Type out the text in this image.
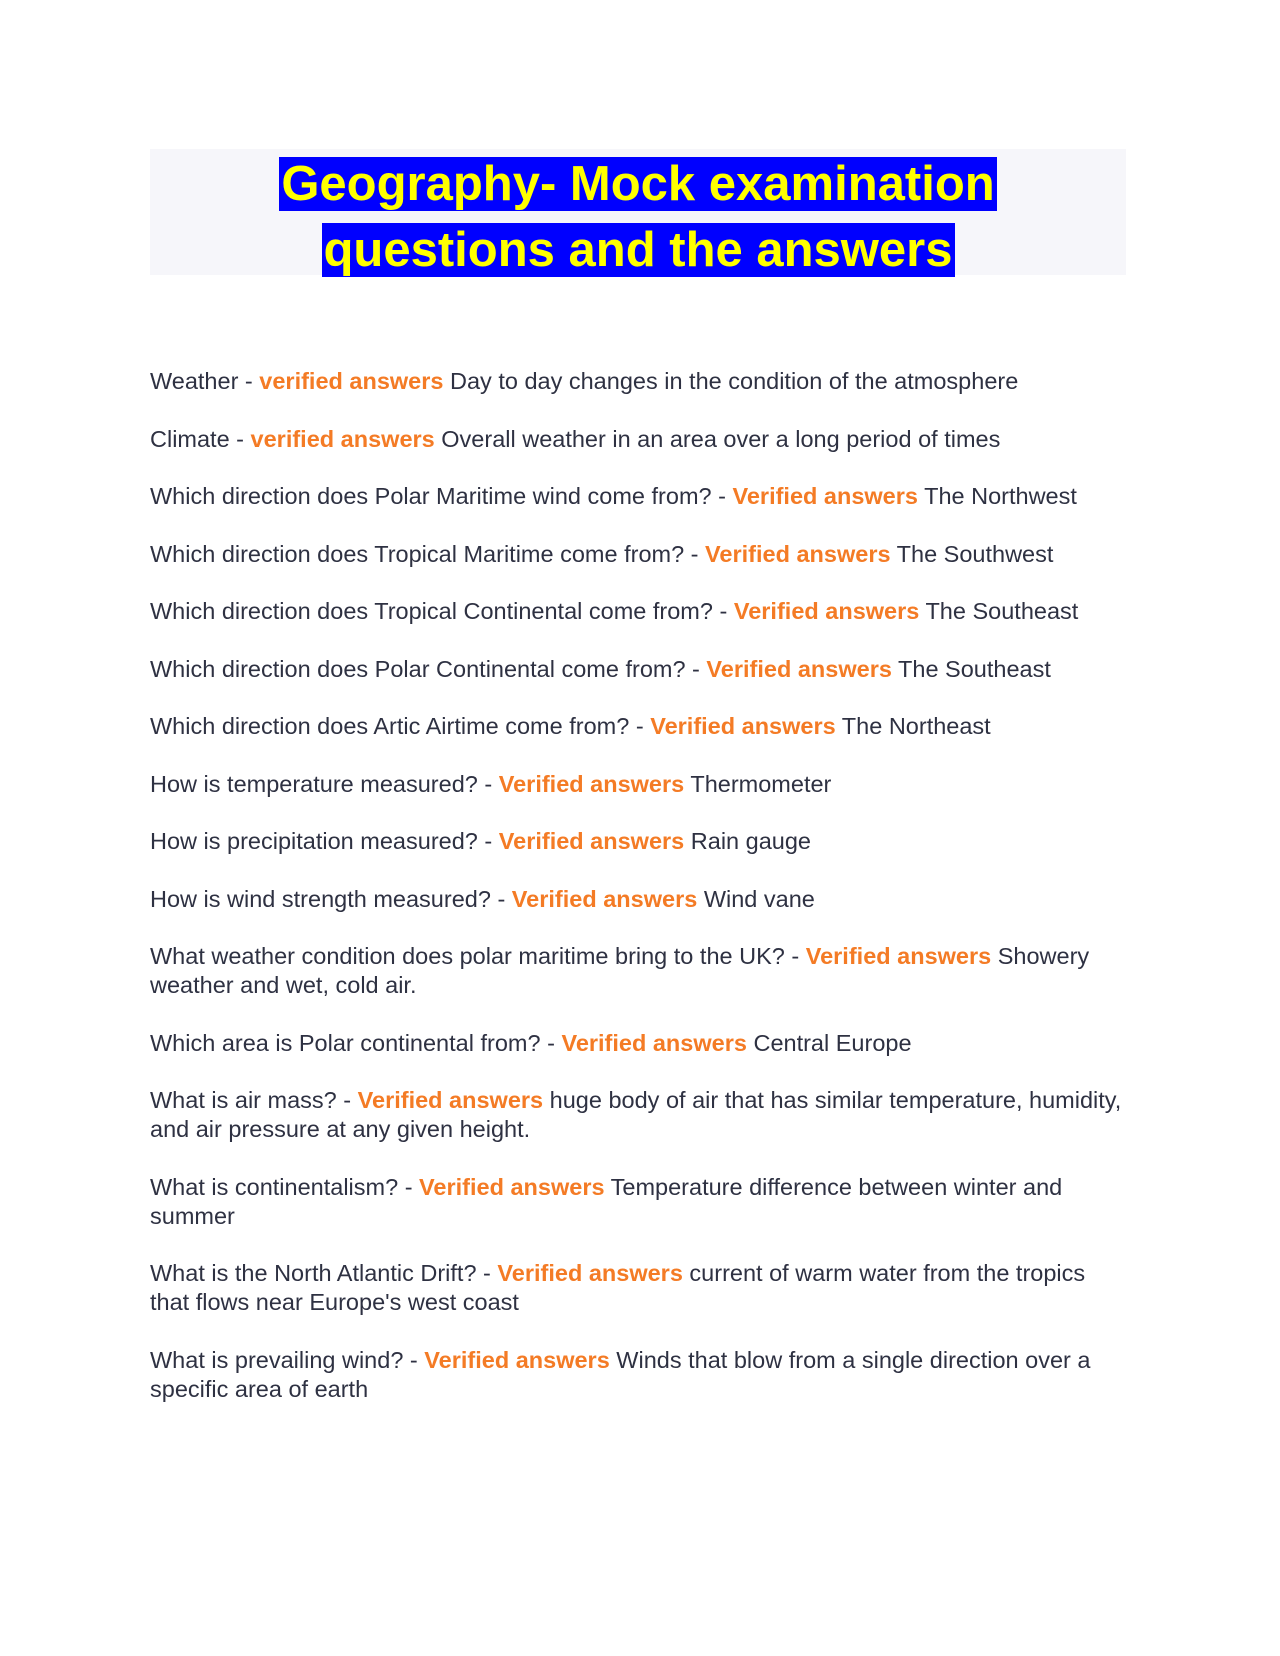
Geography- Mock examination
questions and the answers

Weather - verified answers Day to day changes in the condition of the atmosphere

Climate - verified answers Overall weather in an area over a long period of times

Which direction does Polar Maritime wind come from? - Verified answers The Northwest

Which direction does Tropical Maritime come from? - Verified answers The Southwest

Which direction does Tropical Continental come from? - Verified answers The Southeast

Which direction does Polar Continental come from? - Verified answers The Southeast

Which direction does Artic Airtime come from? - Verified answers The Northeast

How is temperature measured? - Verified answers Thermometer

How is precipitation measured? - Verified answers Rain gauge

How is wind strength measured? - Verified answers Wind vane

What weather condition does polar maritime bring to the UK? - Verified answers Showery weather and wet, cold air.

Which area is Polar continental from? - Verified answers Central Europe

What is air mass? - Verified answers huge body of air that has similar temperature, humidity, and air pressure at any given height.

What is continentalism? - Verified answers Temperature difference between winter and summer

What is the North Atlantic Drift? - Verified answers current of warm water from the tropics that flows near Europe's west coast

What is prevailing wind? - Verified answers Winds that blow from a single direction over a specific area of earth
